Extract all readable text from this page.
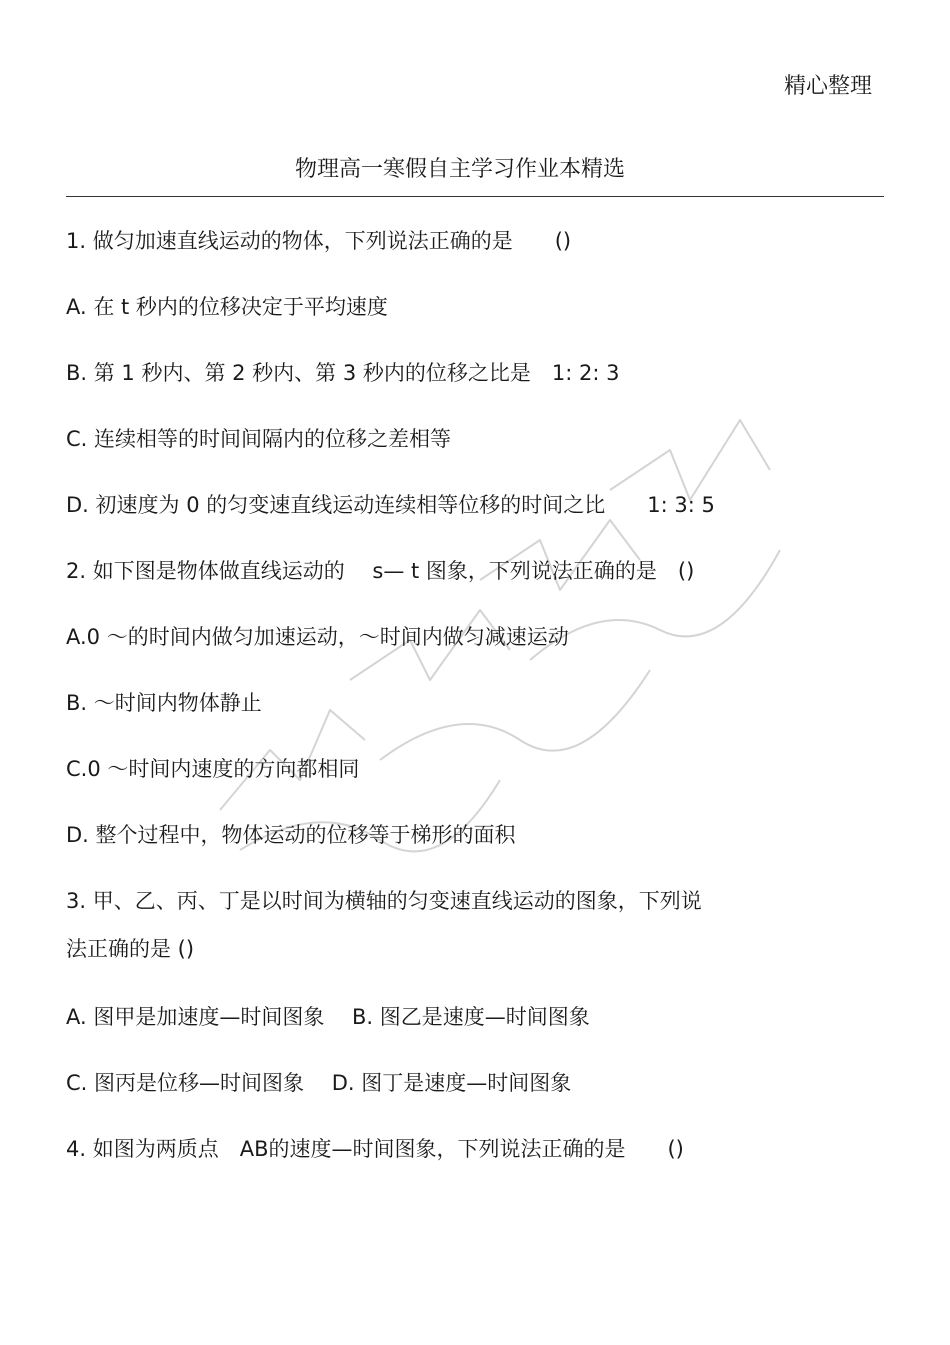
精心整理
物理高一寒假自主学习作业本精选
1. 做匀加速直线运动的物体，下列说法正确的是　　()
A. 在 t 秒内的位移决定于平均速度
B. 第 1 秒内、第 2 秒内、第 3 秒内的位移之比是　1: 2: 3
C. 连续相等的时间间隔内的位移之差相等
D. 初速度为 0 的匀变速直线运动连续相等位移的时间之比　　1: 3: 5
2. 如下图是物体做直线运动的　 s— t 图象，下列说法正确的是　()
A.0 ～的时间内做匀加速运动，～时间内做匀减速运动
B. ～时间内物体静止
C.0 ～时间内速度的方向都相同
D. 整个过程中，物体运动的位移等于梯形的面积
3. 甲、乙、丙、丁是以时间为横轴的匀变速直线运动的图象，下列说
法正确的是 ()
A. 图甲是加速度—时间图象　 B. 图乙是速度—时间图象
C. 图丙是位移—时间图象　 D. 图丁是速度—时间图象
4. 如图为两质点　AB的速度—时间图象，下列说法正确的是　　()
